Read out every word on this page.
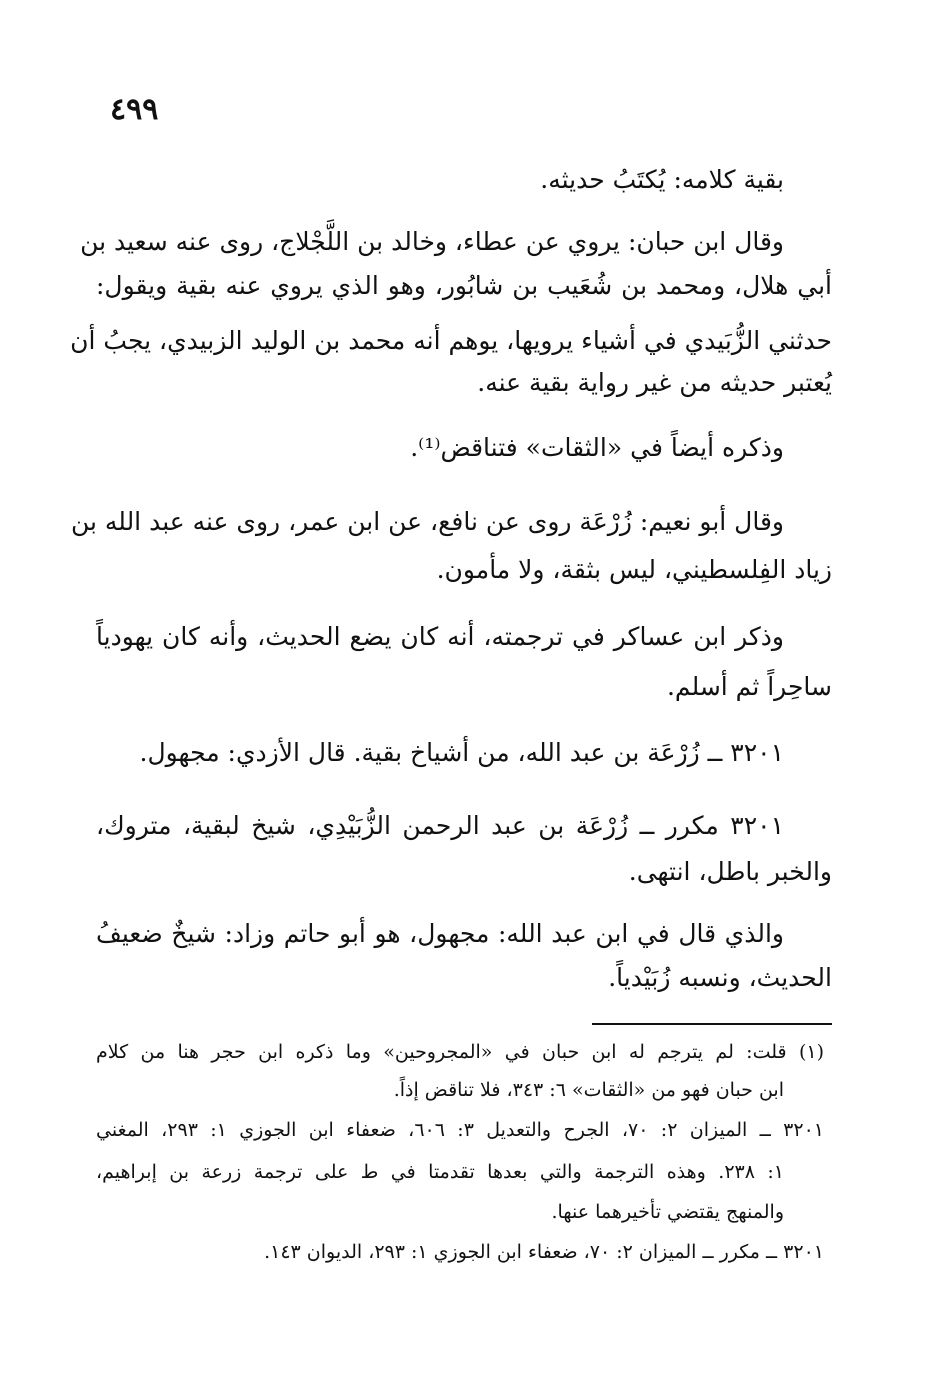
٤٩٩
بقية كلامه: يُكتَبُ حديثه.
وقال ابن حبان: يروي عن عطاء، وخالد بن اللَّجْلاج، روى عنه سعيد بن
أبي هلال، ومحمد بن شُعَيب بن شابُور، وهو الذي يروي عنه بقية ويقول:
حدثني الزُّبَيدي في أشياء يرويها، يوهم أنه محمد بن الوليد الزبيدي، يجبُ أن
يُعتبر حديثه من غير رواية بقية عنه.
وذكره أيضاً في «الثقات» فتناقض⁽¹⁾.
وقال أبو نعيم: زُرْعَة روى عن نافع، عن ابن عمر، روى عنه عبد الله بن
زياد الفِلسطيني، ليس بثقة، ولا مأمون.
وذكر ابن عساكر في ترجمته، أنه كان يضع الحديث، وأنه كان يهودياً
ساحِراً ثم أسلم.
٣٢٠١ ــ زُرْعَة بن عبد الله، من أشياخ بقية. قال الأزدي: مجهول.
٣٢٠١ مكرر ــ زُرْعَة بن عبد الرحمن الزُّبَيْدِي، شيخ لبقية، متروك،
والخبر باطل، انتهى.
والذي قال في ابن عبد الله: مجهول، هو أبو حاتم وزاد: شيخٌ ضعيفُ
الحديث، ونسبه زُبَيْدياً.
(١) قلت: لم يترجم له ابن حبان في «المجروحين» وما ذكره ابن حجر هنا من كلام
ابن حبان فهو من «الثقات» ٦: ٣٤٣، فلا تناقض إذاً.
٣٢٠١ ــ الميزان ٢: ٧٠، الجرح والتعديل ٣: ٦٠٦، ضعفاء ابن الجوزي ١: ٢٩٣، المغني
١: ٢٣٨. وهذه الترجمة والتي بعدها تقدمتا في ط على ترجمة زرعة بن إبراهيم،
والمنهج يقتضي تأخيرهما عنها.
٣٢٠١ ــ مكرر ــ الميزان ٢: ٧٠، ضعفاء ابن الجوزي ١: ٢٩٣، الديوان ١٤٣.
